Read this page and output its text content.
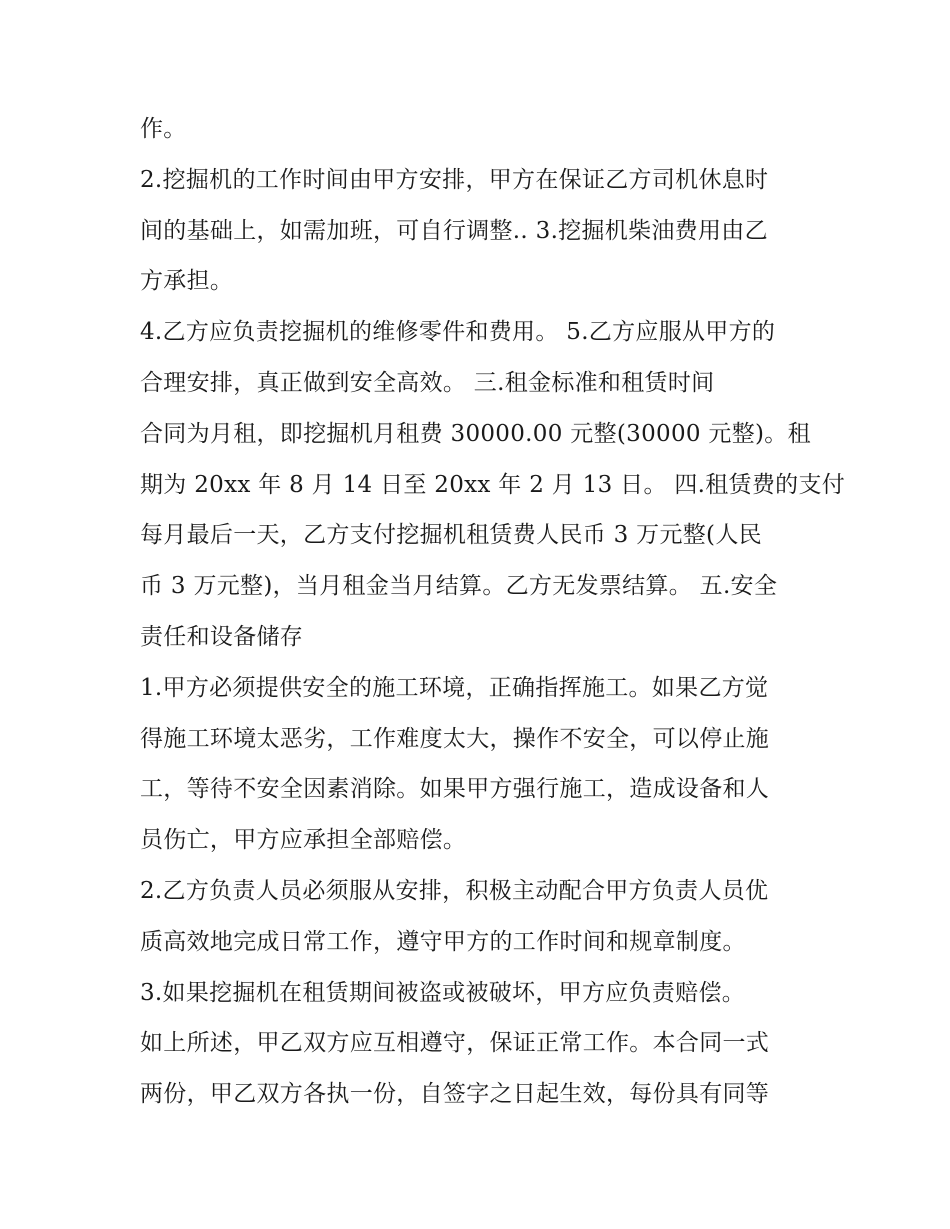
作。
2.挖掘机的工作时间由甲方安排，甲方在保证乙方司机休息时
间的基础上，如需加班，可自行调整.. 3.挖掘机柴油费用由乙
方承担。
4.乙方应负责挖掘机的维修零件和费用。 5.乙方应服从甲方的
合理安排，真正做到安全高效。 三.租金标准和租赁时间
合同为月租，即挖掘机月租费 30000.00 元整(30000 元整)。租
期为 20xx 年 8 月 14 日至 20xx 年 2 月 13 日。 四.租赁费的支付
每月最后一天，乙方支付挖掘机租赁费人民币 3 万元整(人民
币 3 万元整)，当月租金当月结算。乙方无发票结算。 五.安全
责任和设备储存
1.甲方必须提供安全的施工环境，正确指挥施工。如果乙方觉
得施工环境太恶劣，工作难度太大，操作不安全，可以停止施
工，等待不安全因素消除。如果甲方强行施工，造成设备和人
员伤亡，甲方应承担全部赔偿。
2.乙方负责人员必须服从安排，积极主动配合甲方负责人员优
质高效地完成日常工作，遵守甲方的工作时间和规章制度。
3.如果挖掘机在租赁期间被盗或被破坏，甲方应负责赔偿。
如上所述，甲乙双方应互相遵守，保证正常工作。本合同一式
两份，甲乙双方各执一份，自签字之日起生效，每份具有同等
